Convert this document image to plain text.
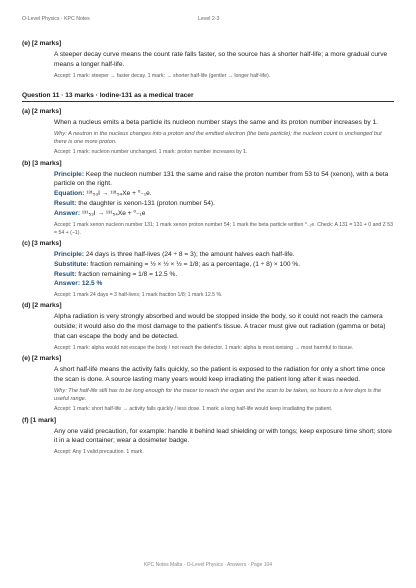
O-Level Physics · KPC Notes	Level 2-3
(e) [2 marks]
A steeper decay curve means the count rate falls faster, so the source has a shorter half-life; a more gradual curve means a longer half-life.
Accept: 1 mark: steeper → faster decay. 1 mark: → shorter half-life (gentler → longer half-life).
Question 11 · 13 marks · Iodine-131 as a medical tracer
(a) [2 marks]
When a nucleus emits a beta particle its nucleon number stays the same and its proton number increases by 1.
Why: A neutron in the nucleus changes into a proton and the emitted electron (the beta particle); the nucleon count is unchanged but there is one more proton.
Accept: 1 mark: nucleon number unchanged. 1 mark: proton number increases by 1.
(b) [3 marks]
Principle: Keep the nucleon number 131 the same and raise the proton number from 53 to 54 (xenon), with a beta particle on the right.
Equation: ¹³¹₅₃I → ¹³¹₅₄Xe + ⁰₋₁e.
Result: the daughter is xenon-131 (proton number 54).
Answer: ¹³¹₅₃I → ¹³¹₅₄Xe + ⁰₋₁e
Accept: 1 mark xenon nucleon number 131; 1 mark xenon proton number 54; 1 mark the beta particle written ⁰₋₁e. Check: A 131 = 131 + 0 and Z 53 = 54 + (−1).
(c) [3 marks]
Principle: 24 days is three half-lives (24 ÷ 8 = 3); the amount halves each half-life.
Substitute: fraction remaining = ½ × ½ × ½ = 1/8; as a percentage, (1 ÷ 8) × 100 %.
Result: fraction remaining = 1/8 = 12.5 %.
Answer: 12.5 %
Accept: 1 mark 24 days = 3 half-lives; 1 mark fraction 1/8; 1 mark 12.5 %.
(d) [2 marks]
Alpha radiation is very strongly absorbed and would be stopped inside the body, so it could not reach the camera outside; it would also do the most damage to the patient's tissue. A tracer must give out radiation (gamma or beta) that can escape the body and be detected.
Accept: 1 mark: alpha would not escape the body / not reach the detector. 1 mark: alpha is most ionising → most harmful to tissue.
(e) [2 marks]
A short half-life means the activity falls quickly, so the patient is exposed to the radiation for only a short time once the scan is done. A source lasting many years would keep irradiating the patient long after it was needed.
Why: The half-life still has to be long enough for the tracer to reach the organ and the scan to be taken, so hours to a few days is the useful range.
Accept: 1 mark: short half-life → activity falls quickly / less dose. 1 mark: a long half-life would keep irradiating the patient.
(f) [1 mark]
Any one valid precaution, for example: handle it behind lead shielding or with tongs; keep exposure time short; store it in a lead container; wear a dosimeter badge.
Accept: Any 1 valid precaution. 1 mark.
KPC Notes Malta · O-Level Physics · Answers · Page 104
